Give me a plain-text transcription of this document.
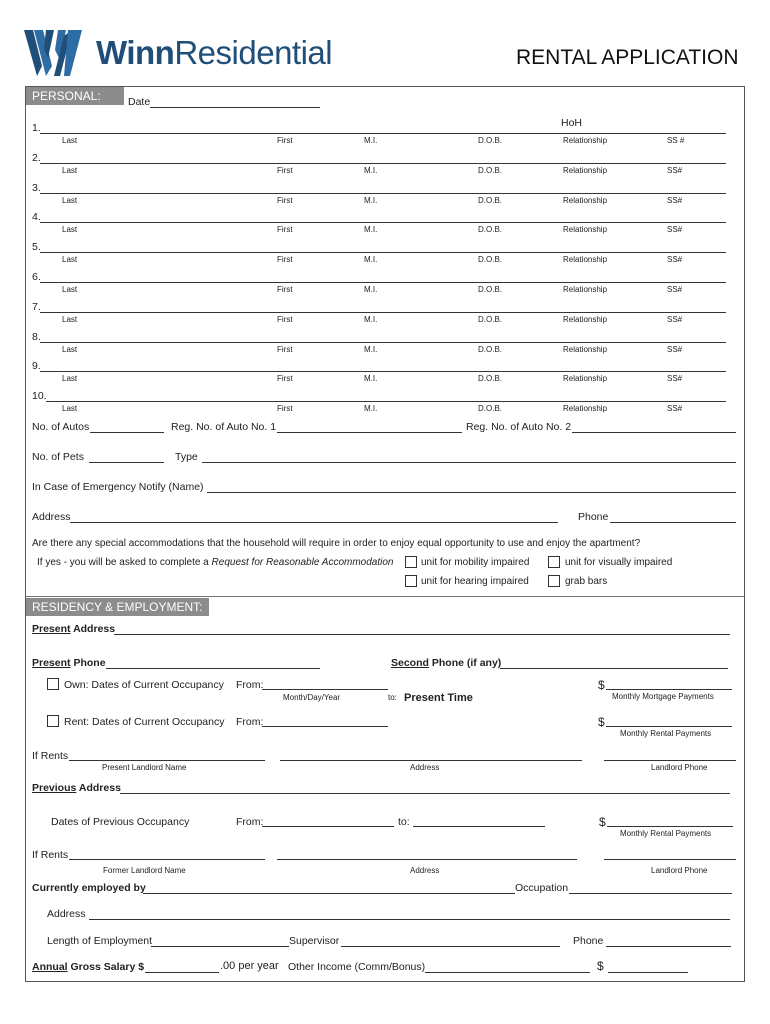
WinnResidential	RENTAL APPLICATION
PERSONAL:	Date
HoH
1.
Last	First	M.I.	D.O.B.	Relationship	SS #
2.
Last	First	M.I.	D.O.B.	Relationship	SS#
3.
Last	First	M.I.	D.O.B.	Relationship	SS#
4.
Last	First	M.I.	D.O.B.	Relationship	SS#
5.
Last	First	M.I.	D.O.B.	Relationship	SS#
6.
Last	First	M.I.	D.O.B.	Relationship	SS#
7.
Last	First	M.I.	D.O.B.	Relationship	SS#
8.
Last	First	M.I.	D.O.B.	Relationship	SS#
9.
Last	First	M.I.	D.O.B.	Relationship	SS#
10.
Last	First	M.I.	D.O.B.	Relationship	SS#
No. of Autos	Reg. No. of Auto No. 1	Reg. No. of Auto No. 2
No. of Pets	Type
In Case of Emergency Notify (Name)
Address	Phone
Are there any special accommodations that the household will require in order to enjoy equal opportunity to use and enjoy the apartment?
If yes - you will be asked to complete a Request for Reasonable Accommodation	unit for mobility impaired	unit for visually impaired
unit for hearing impaired	grab bars
RESIDENCY & EMPLOYMENT:
Present Address
Present Phone	Second Phone (if any)
Own: Dates of Current Occupancy From:
Month/Day/Year	to: Present Time
$
Monthly Mortgage Payments
Rent: Dates of Current Occupancy From:	$
Monthly Rental Payments
If Rents
Present Landlord Name	Address	Landlord Phone
Previous Address
Dates of Previous Occupancy	From:	to:	$
Monthly Rental Payments
If Rents
Former Landlord Name	Address	Landlord Phone
Currently employed by	Occupation
Address
Length of Employment	Supervisor	Phone
Annual Gross Salary $	.00 per year Other Income (Comm/Bonus)	$
